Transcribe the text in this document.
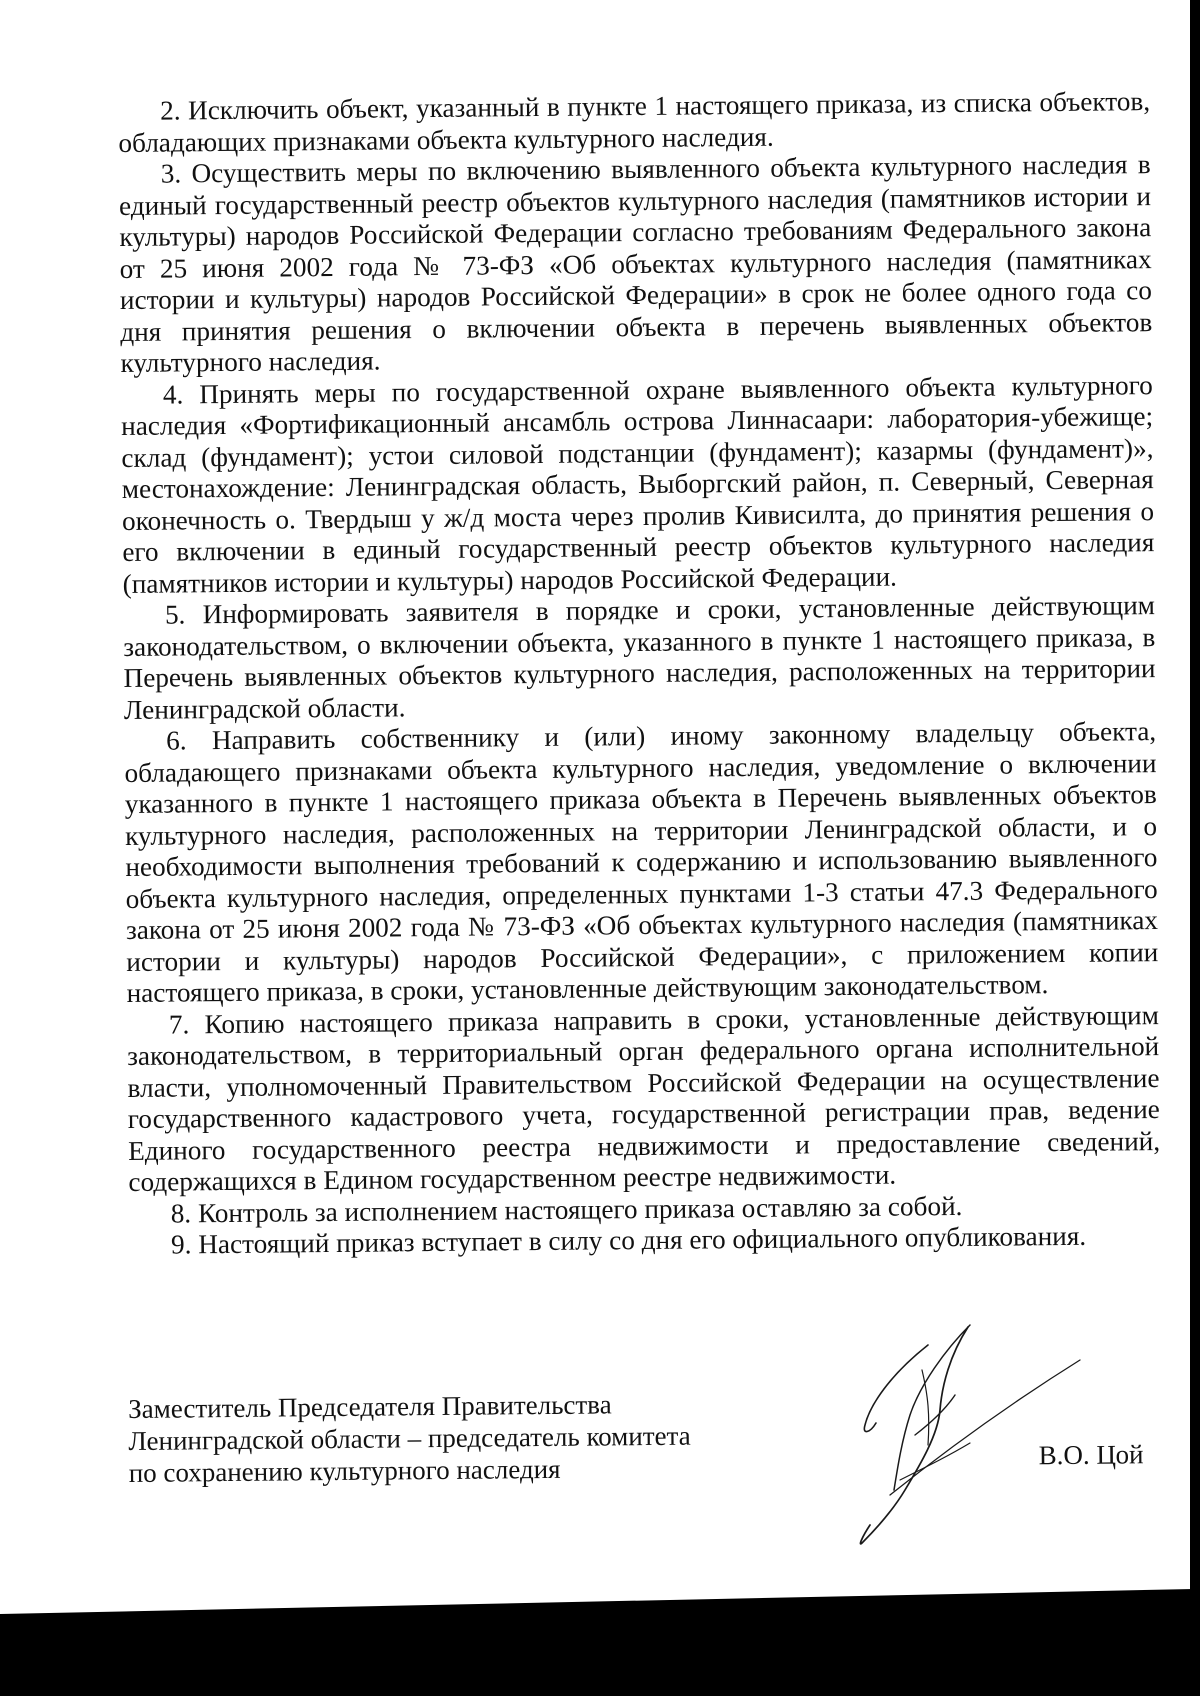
2. Исключить объект, указанный в пункте 1 настоящего приказа, из списка объектов, обладающих признаками объекта культурного наследия.

3. Осуществить меры по включению выявленного объекта культурного наследия в единый государственный реестр объектов культурного наследия (памятников истории и культуры) народов Российской Федерации согласно требованиям Федерального закона от 25 июня 2002 года № 73-ФЗ «Об объектах культурного наследия (памятниках истории и культуры) народов Российской Федерации» в срок не более одного года со дня принятия решения о включении объекта в перечень выявленных объектов культурного наследия.

4. Принять меры по государственной охране выявленного объекта культурного наследия «Фортификационный ансамбль острова Линнасаари: лаборатория-убежище; склад (фундамент); устои силовой подстанции (фундамент); казармы (фундамент)», местонахождение: Ленинградская область, Выборгский район, п. Северный, Северная оконечность о. Твердыш у ж/д моста через пролив Кивисилта, до принятия решения о его включении в единый государственный реестр объектов культурного наследия (памятников истории и культуры) народов Российской Федерации.

5. Информировать заявителя в порядке и сроки, установленные действующим законодательством, о включении объекта, указанного в пункте 1 настоящего приказа, в Перечень выявленных объектов культурного наследия, расположенных на территории Ленинградской области.

6. Направить собственнику и (или) иному законному владельцу объекта, обладающего признаками объекта культурного наследия, уведомление о включении указанного в пункте 1 настоящего приказа объекта в Перечень выявленных объектов культурного наследия, расположенных на территории Ленинградской области, и о необходимости выполнения требований к содержанию и использованию выявленного объекта культурного наследия, определенных пунктами 1-3 статьи 47.3 Федерального закона от 25 июня 2002 года № 73-ФЗ «Об объектах культурного наследия (памятниках истории и культуры) народов Российской Федерации», с приложением копии настоящего приказа, в сроки, установленные действующим законодательством.

7. Копию настоящего приказа направить в сроки, установленные действующим законодательством, в территориальный орган федерального органа исполнительной власти, уполномоченный Правительством Российской Федерации на осуществление государственного кадастрового учета, государственной регистрации прав, ведение Единого государственного реестра недвижимости и предоставление сведений, содержащихся в Едином государственном реестре недвижимости.

8. Контроль за исполнением настоящего приказа оставляю за собой.

9. Настоящий приказ вступает в силу со дня его официального опубликования.

Заместитель Председателя Правительства
Ленинградской области – председатель комитета
по сохранению культурного наследия	В.О. Цой
